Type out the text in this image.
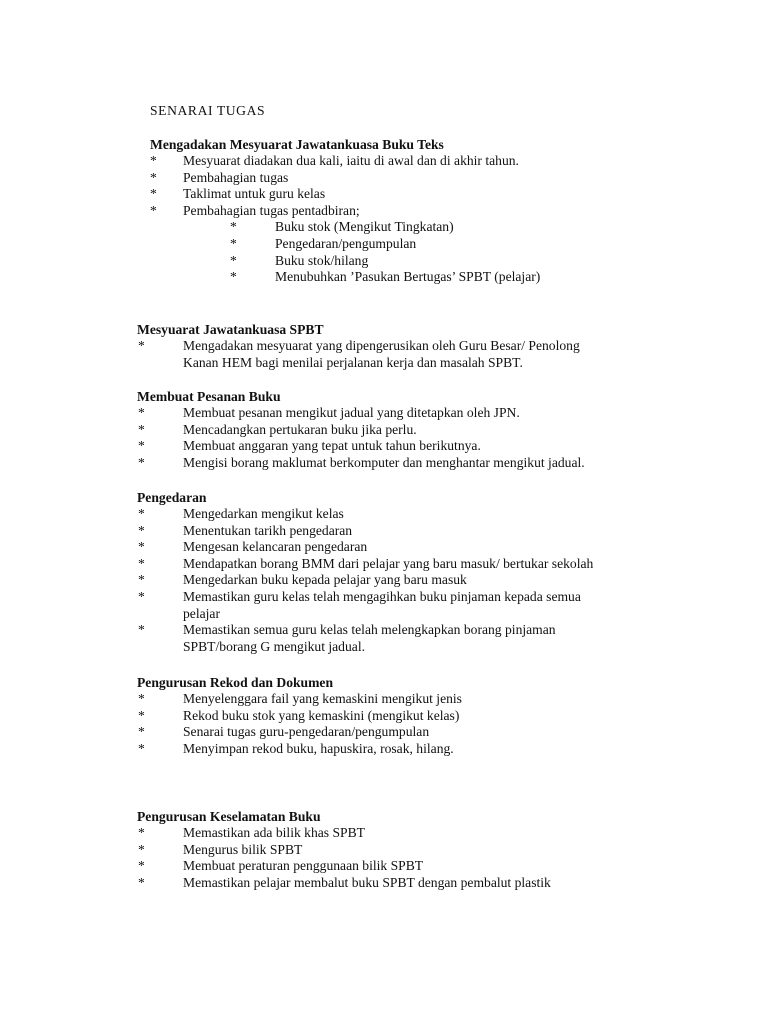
SENARAI TUGAS
Mengadakan Mesyuarat Jawatankuasa Buku Teks
* Mesyuarat diadakan dua kali, iaitu di awal dan di akhir tahun.
* Pembahagian tugas
* Taklimat untuk guru kelas
* Pembahagian tugas pentadbiran;
*	Buku stok (Mengikut Tingkatan)
*	Pengedaran/pengumpulan
*	Buku stok/hilang
*	Menubuhkan ’Pasukan Bertugas’ SPBT (pelajar)
Mesyuarat Jawatankuasa SPBT
*	Mengadakan mesyuarat yang dipengerusikan oleh Guru Besar/ Penolong
Kanan HEM bagi menilai perjalanan kerja dan masalah SPBT.
Membuat Pesanan Buku
*	Membuat pesanan mengikut jadual yang ditetapkan oleh JPN.
*	Mencadangkan pertukaran buku jika perlu.
*	Membuat anggaran yang tepat untuk tahun berikutnya.
*	Mengisi borang maklumat berkomputer dan menghantar mengikut jadual.
Pengedaran
*	Mengedarkan mengikut kelas
*	Menentukan tarikh pengedaran
*	Mengesan kelancaran pengedaran
*	Mendapatkan borang BMM dari pelajar yang baru masuk/ bertukar sekolah
*	Mengedarkan buku kepada pelajar yang baru masuk
*	Memastikan guru kelas telah mengagihkan buku pinjaman kepada semua
pelajar
*	Memastikan semua guru kelas telah melengkapkan borang pinjaman
SPBT/borang G mengikut jadual.
Pengurusan Rekod dan Dokumen
*	Menyelenggara fail yang kemaskini mengikut jenis
*	Rekod buku stok yang kemaskini (mengikut kelas)
*	Senarai tugas guru-pengedaran/pengumpulan
*	Menyimpan rekod buku, hapuskira, rosak, hilang.
Pengurusan Keselamatan Buku
*	Memastikan ada bilik khas SPBT
*	Mengurus bilik SPBT
*	Membuat peraturan penggunaan bilik SPBT
*	Memastikan pelajar membalut buku SPBT dengan pembalut plastik
